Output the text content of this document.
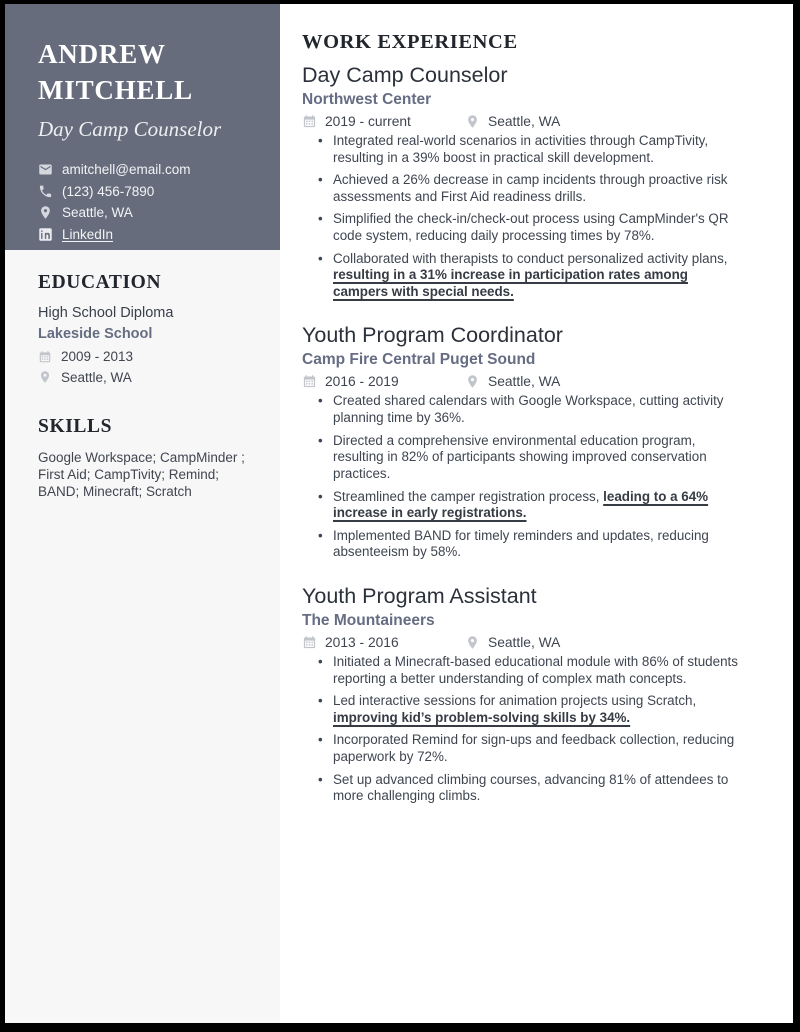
ANDREW
MITCHELL
Day Camp Counselor
amitchell@email.com
(123) 456-7890
Seattle, WA
LinkedIn
EDUCATION
High School Diploma
Lakeside School
2009 - 2013
Seattle, WA
SKILLS

Google Workspace; CampMinder ; First Aid; CampTivity; Remind; BAND; Minecraft; Scratch

WORK EXPERIENCE
Day Camp Counselor
Northwest Center
2019 - current	Seattle, WA
• Integrated real-world scenarios in activities through CampTivity, resulting in a 39% boost in practical skill development.
• Achieved a 26% decrease in camp incidents through proactive risk assessments and First Aid readiness drills.
• Simplified the check-in/check-out process using CampMinder's QR code system, reducing daily processing times by 78%.
• Collaborated with therapists to conduct personalized activity plans, resulting in a 31% increase in participation rates among campers with special needs.
Youth Program Coordinator
Camp Fire Central Puget Sound
2016 - 2019	Seattle, WA
• Created shared calendars with Google Workspace, cutting activity planning time by 36%.
• Directed a comprehensive environmental education program, resulting in 82% of participants showing improved conservation practices.
• Streamlined the camper registration process, leading to a 64% increase in early registrations.
• Implemented BAND for timely reminders and updates, reducing absenteeism by 58%.
Youth Program Assistant
The Mountaineers
2013 - 2016	Seattle, WA
• Initiated a Minecraft-based educational module with 86% of students reporting a better understanding of complex math concepts.
• Led interactive sessions for animation projects using Scratch, improving kid’s problem-solving skills by 34%.
• Incorporated Remind for sign-ups and feedback collection, reducing paperwork by 72%.
• Set up advanced climbing courses, advancing 81% of attendees to more challenging climbs.
